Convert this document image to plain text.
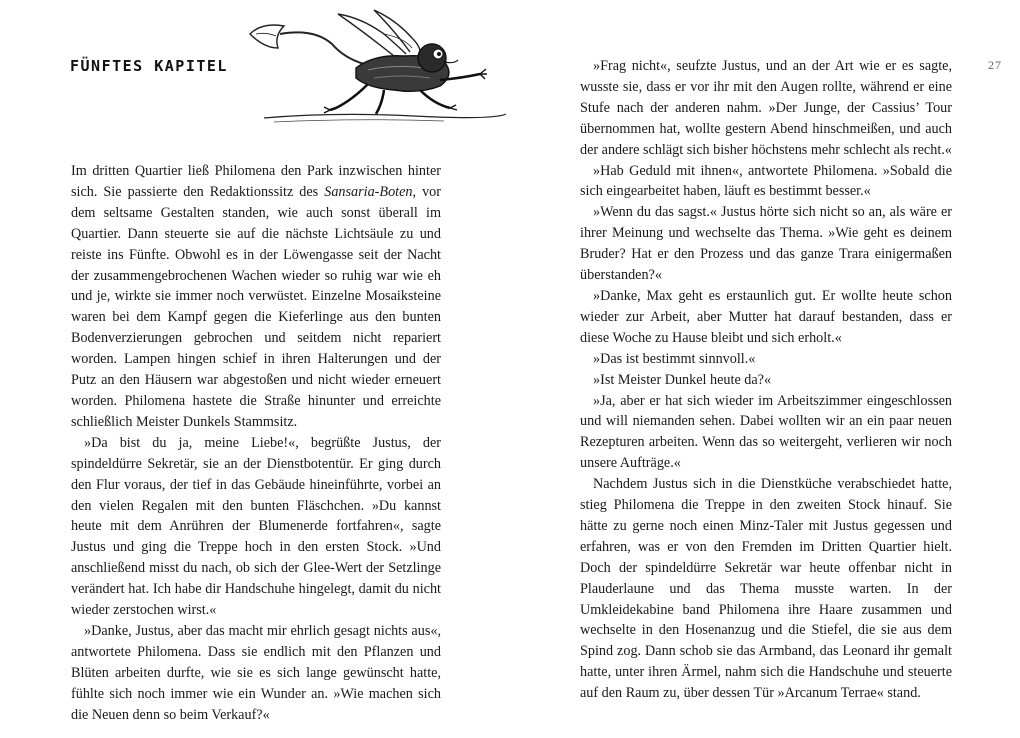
FÜNFTES KAPITEL

Im dritten Quartier ließ Philomena den Park inzwischen hinter sich. Sie passierte den Redaktionssitz des Sansaria-Boten, vor dem seltsame Gestalten standen, wie auch sonst überall im Quartier. Dann steuerte sie auf die nächste Lichtsäule zu und reiste ins Fünfte. Obwohl es in der Löwengasse seit der Nacht der zusammengebrochenen Wachen wieder so ruhig war wie eh und je, wirkte sie immer noch verwüstet. Einzelne Mosaiksteine waren bei dem Kampf gegen die Kieferlinge aus den bunten Bodenverzierungen gebrochen und seitdem nicht repariert worden. Lampen hingen schief in ihren Halterungen und der Putz an den Häusern war abgestoßen und nicht wieder erneuert worden. Philomena hastete die Straße hinunter und erreichte schließlich Meister Dunkels Stammsitz.

»Da bist du ja, meine Liebe!«, begrüßte Justus, der spindeldürre Sekretär, sie an der Dienstbotentür. Er ging durch den Flur voraus, der tief in das Gebäude hineinführte, vorbei an den vielen Regalen mit den bunten Fläschchen. »Du kannst heute mit dem Anrühren der Blumenerde fortfahren«, sagte Justus und ging die Treppe hoch in den ersten Stock. »Und anschließend misst du nach, ob sich der Glee-Wert der Setzlinge verändert hat. Ich habe dir Handschuhe hingelegt, damit du nicht wieder zerstochen wirst.«

»Danke, Justus, aber das macht mir ehrlich gesagt nichts aus«, antwortete Philomena. Dass sie endlich mit den Pflanzen und Blüten arbeiten durfte, wie sie es sich lange gewünscht hatte, fühlte sich noch immer wie ein Wunder an. »Wie machen sich die Neuen denn so beim Verkauf?«

»Frag nicht«, seufzte Justus, und an der Art wie er es sagte, wusste sie, dass er vor ihr mit den Augen rollte, während er eine Stufe nach der anderen nahm. »Der Junge, der Cassius’ Tour übernommen hat, wollte gestern Abend hinschmeißen, und auch der andere schlägt sich bisher höchstens mehr schlecht als recht.«

»Hab Geduld mit ihnen«, antwortete Philomena. »Sobald die sich eingearbeitet haben, läuft es bestimmt besser.«

»Wenn du das sagst.« Justus hörte sich nicht so an, als wäre er ihrer Meinung und wechselte das Thema. »Wie geht es deinem Bruder? Hat er den Prozess und das ganze Trara einigermaßen überstanden?«

»Danke, Max geht es erstaunlich gut. Er wollte heute schon wieder zur Arbeit, aber Mutter hat darauf bestanden, dass er diese Woche zu Hause bleibt und sich erholt.«

»Das ist bestimmt sinnvoll.«

»Ist Meister Dunkel heute da?«

»Ja, aber er hat sich wieder im Arbeitszimmer eingeschlossen und will niemanden sehen. Dabei wollten wir an ein paar neuen Rezepturen arbeiten. Wenn das so weitergeht, verlieren wir noch unsere Aufträge.«

Nachdem Justus sich in die Dienstküche verabschiedet hatte, stieg Philomena die Treppe in den zweiten Stock hinauf. Sie hätte zu gerne noch einen Minz-Taler mit Justus gegessen und erfahren, was er von den Fremden im Dritten Quartier hielt. Doch der spindeldürre Sekretär war heute offenbar nicht in Plauderlaune und das Thema musste warten. In der Umkleidekabine band Philomena ihre Haare zusammen und wechselte in den Hosenanzug und die Stiefel, die sie aus dem Spind zog. Dann schob sie das Armband, das Leonard ihr gemalt hatte, unter ihren Ärmel, nahm sich die Handschuhe und steuerte auf den Raum zu, über dessen Tür »Arcanum Terrae« stand.

27
